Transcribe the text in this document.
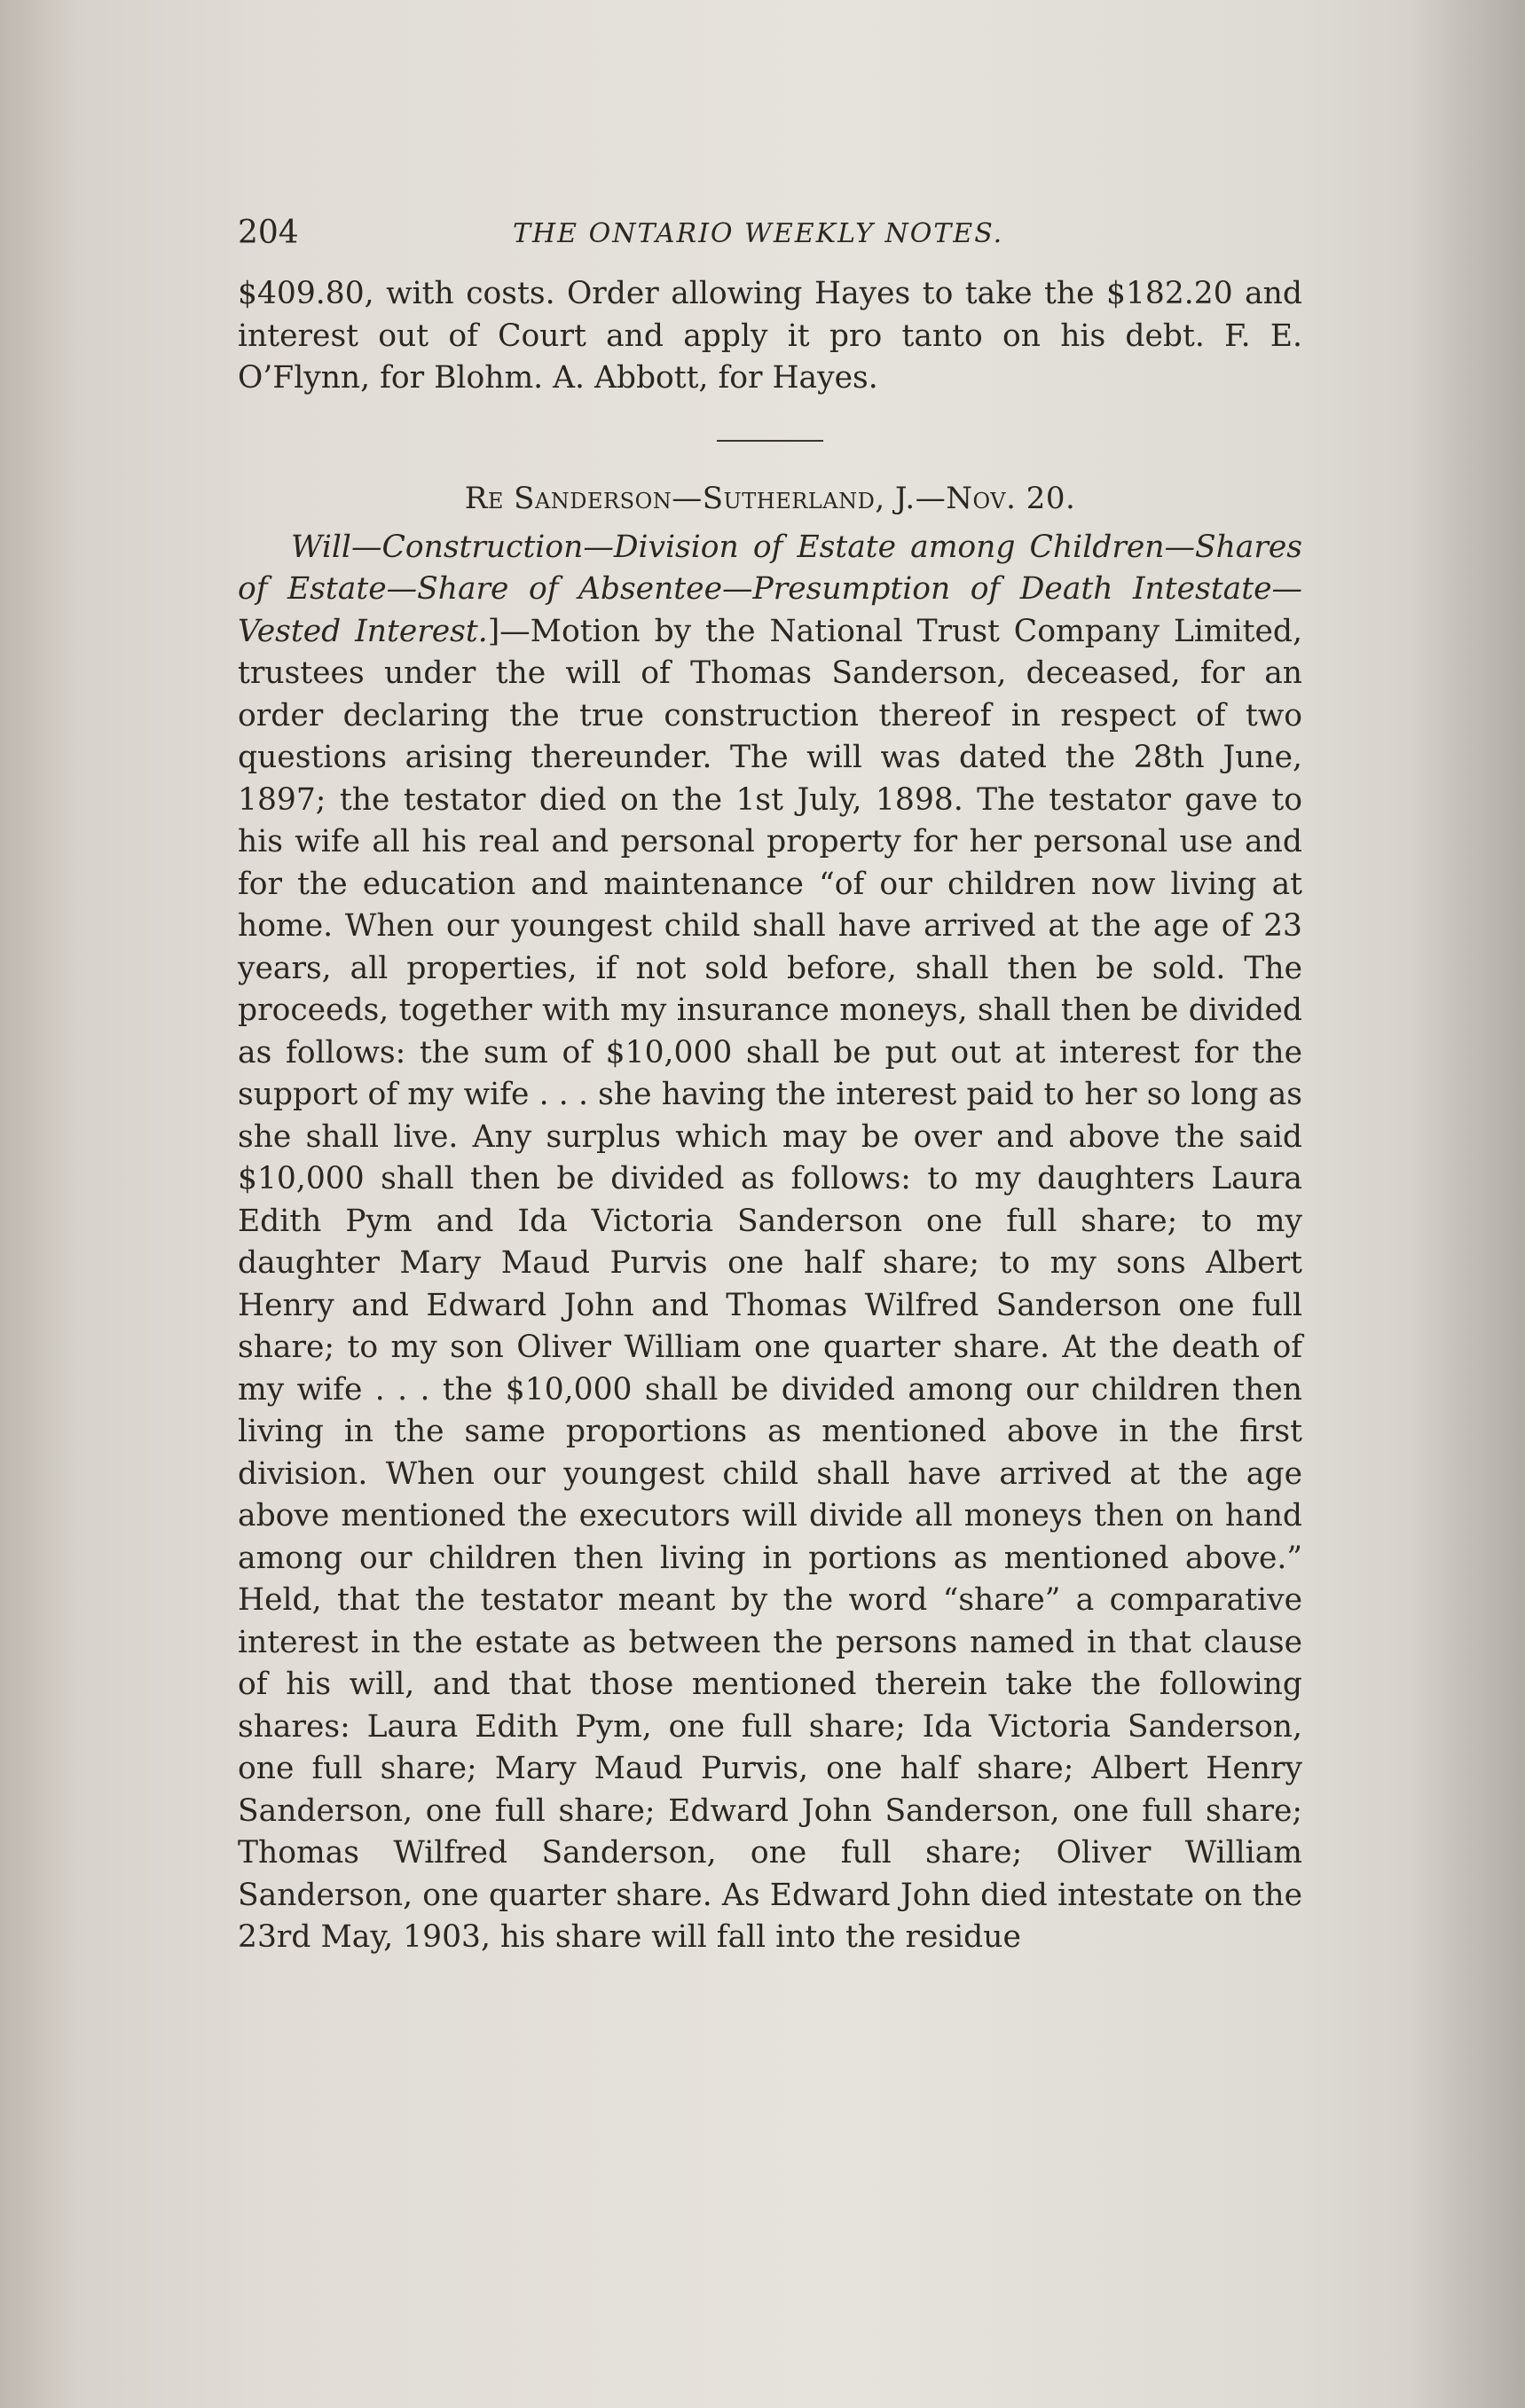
204	THE ONTARIO WEEKLY NOTES.

$409.80, with costs. Order allowing Hayes to take the $182.20 and interest out of Court and apply it pro tanto on his debt. F. E. O’Flynn, for Blohm. A. Abbott, for Hayes.

Re Sanderson—Sutherland, J.—Nov. 20.

Will—Construction—Division of Estate among Children—Shares of Estate—Share of Absentee—Presumption of Death Intestate—Vested Interest.]—Motion by the National Trust Company Limited, trustees under the will of Thomas Sanderson, deceased, for an order declaring the true construction thereof in respect of two questions arising thereunder. The will was dated the 28th June, 1897; the testator died on the 1st July, 1898. The testator gave to his wife all his real and personal property for her personal use and for the education and maintenance “of our children now living at home. When our youngest child shall have arrived at the age of 23 years, all properties, if not sold before, shall then be sold. The proceeds, together with my insurance moneys, shall then be divided as follows: the sum of $10,000 shall be put out at interest for the support of my wife . . . she having the interest paid to her so long as she shall live. Any surplus which may be over and above the said $10,000 shall then be divided as follows: to my daughters Laura Edith Pym and Ida Victoria Sanderson one full share; to my daughter Mary Maud Purvis one half share; to my sons Albert Henry and Edward John and Thomas Wilfred Sanderson one full share; to my son Oliver William one quarter share. At the death of my wife . . . the $10,000 shall be divided among our children then living in the same proportions as mentioned above in the first division. When our youngest child shall have arrived at the age above mentioned the executors will divide all moneys then on hand among our children then living in portions as mentioned above.” Held, that the testator meant by the word “share” a comparative interest in the estate as between the persons named in that clause of his will, and that those mentioned therein take the following shares: Laura Edith Pym, one full share; Ida Victoria Sanderson, one full share; Mary Maud Purvis, one half share; Albert Henry Sanderson, one full share; Edward John Sanderson, one full share; Thomas Wilfred Sanderson, one full share; Oliver William Sanderson, one quarter share. As Edward John died intestate on the 23rd May, 1903, his share will fall into the residue
